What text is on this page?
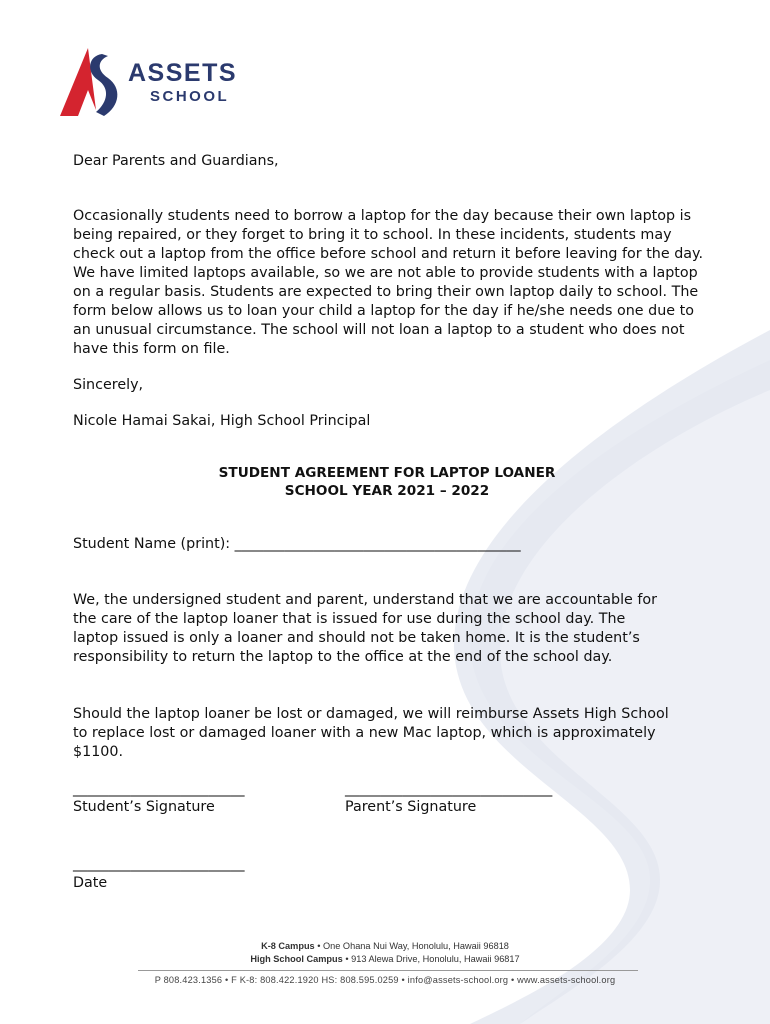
ASSETS
SCHOOL
Dear Parents and Guardians,
Occasionally students need to borrow a laptop for the day because their own laptop is being repaired, or they forget to bring it to school. In these incidents, students may check out a laptop from the office before school and return it before leaving for the day. We have limited laptops available, so we are not able to provide students with a laptop on a regular basis. Students are expected to bring their own laptop daily to school. The form below allows us to loan your child a laptop for the day if he/she needs one due to an unusual circumstance. The school will not loan a laptop to a student who does not have this form on file.
Sincerely,
Nicole Hamai Sakai, High School Principal
STUDENT AGREEMENT FOR LAPTOP LOANER
SCHOOL YEAR 2021 – 2022
Student Name (print): ________________________________________
We, the undersigned student and parent, understand that we are accountable for the care of the laptop loaner that is issued for use during the school day. The laptop issued is only a loaner and should not be taken home. It is the student’s responsibility to return the laptop to the office at the end of the school day.
Should the laptop loaner be lost or damaged, we will reimburse Assets High School to replace lost or damaged loaner with a new Mac laptop, which is approximately $1100.
________________________
Student’s Signature
_____________________________
Parent’s Signature
________________________
Date
K-8 Campus • One Ohana Nui Way, Honolulu, Hawaii 96818
High School Campus • 913 Alewa Drive, Honolulu, Hawaii 96817
P 808.423.1356 • F K-8: 808.422.1920 HS: 808.595.0259 • info@assets-school.org • www.assets-school.org
